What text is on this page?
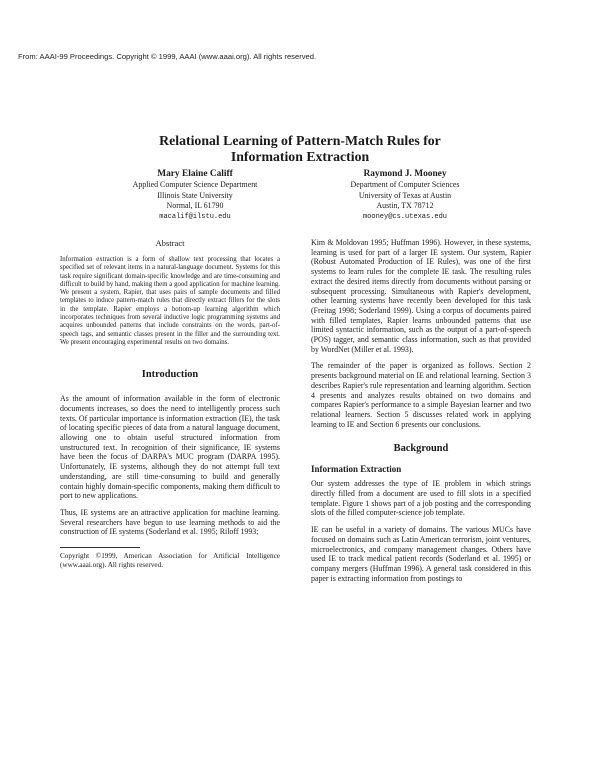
From: AAAI-99 Proceedings. Copyright © 1999, AAAI (www.aaai.org). All rights reserved.
Relational Learning of Pattern-Match Rules for
Information Extraction
Mary Elaine Califf
Applied Computer Science Department
Illinois State University
Normal, IL 61790
macalif@ilstu.edu
Raymond J. Mooney
Department of Computer Sciences
University of Texas at Austin
Austin, TX 78712
mooney@cs.utexas.edu
Abstract

Information extraction is a form of shallow text processing that locates a specified set of relevant items in a natural-language document. Systems for this task require significant domain-specific knowledge and are time-consuming and difficult to build by hand, making them a good application for machine learning. We present a system, Rapier, that uses pairs of sample documents and filled templates to induce pattern-match rules that directly extract fillers for the slots in the template. Rapier employs a bottom-up learning algorithm which incorporates techniques from several inductive logic programming systems and acquires unbounded patterns that include constraints on the words, part-of-speech tags, and semantic classes present in the filler and the surrounding text. We present encouraging experimental results on two domains.

Introduction

As the amount of information available in the form of electronic documents increases, so does the need to intelligently process such texts. Of particular importance is information extraction (IE), the task of locating specific pieces of data from a natural language document, allowing one to obtain useful structured information from unstructured text. In recognition of their significance, IE systems have been the focus of DARPA's MUC program (DARPA 1995). Unfortunately, IE systems, although they do not attempt full text understanding, are still time-consuming to build and generally contain highly domain-specific components, making them difficult to port to new applications.

Thus, IE systems are an attractive application for machine learning. Several researchers have begun to use learning methods to aid the construction of IE systems (Soderland et al. 1995; Riloff 1993;

Copyright ©1999, American Association for Artificial Intelligence (www.aaai.org). All rights reserved.

Kim & Moldovan 1995; Huffman 1996). However, in these systems, learning is used for part of a larger IE system. Our system, Rapier (Robust Automated Production of IE Rules), was one of the first systems to learn rules for the complete IE task. The resulting rules extract the desired items directly from documents without parsing or subsequent processing. Simultaneous with Rapier's development, other learning systems have recently been developed for this task (Freitag 1998; Soderland 1999). Using a corpus of documents paired with filled templates, Rapier learns unbounded patterns that use limited syntactic information, such as the output of a part-of-speech (POS) tagger, and semantic class information, such as that provided by WordNet (Miller et al. 1993).

The remainder of the paper is organized as follows. Section 2 presents background material on IE and relational learning. Section 3 describes Rapier's rule representation and learning algorithm. Section 4 presents and analyzes results obtained on two domains and compares Rapier's performance to a simple Bayesian learner and two relational learners. Section 5 discusses related work in applying learning to IE and Section 6 presents our conclusions.

Background
Information Extraction

Our system addresses the type of IE problem in which strings directly filled from a document are used to fill slots in a specified template. Figure 1 shows part of a job posting and the corresponding slots of the filled computer-science job template.

IE can be useful in a variety of domains. The various MUCs have focused on domains such as Latin American terrorism, joint ventures, microelectronics, and company management changes. Others have used IE to track medical patient records (Soderland et al. 1995) or company mergers (Huffman 1996). A general task considered in this paper is extracting information from postings to
